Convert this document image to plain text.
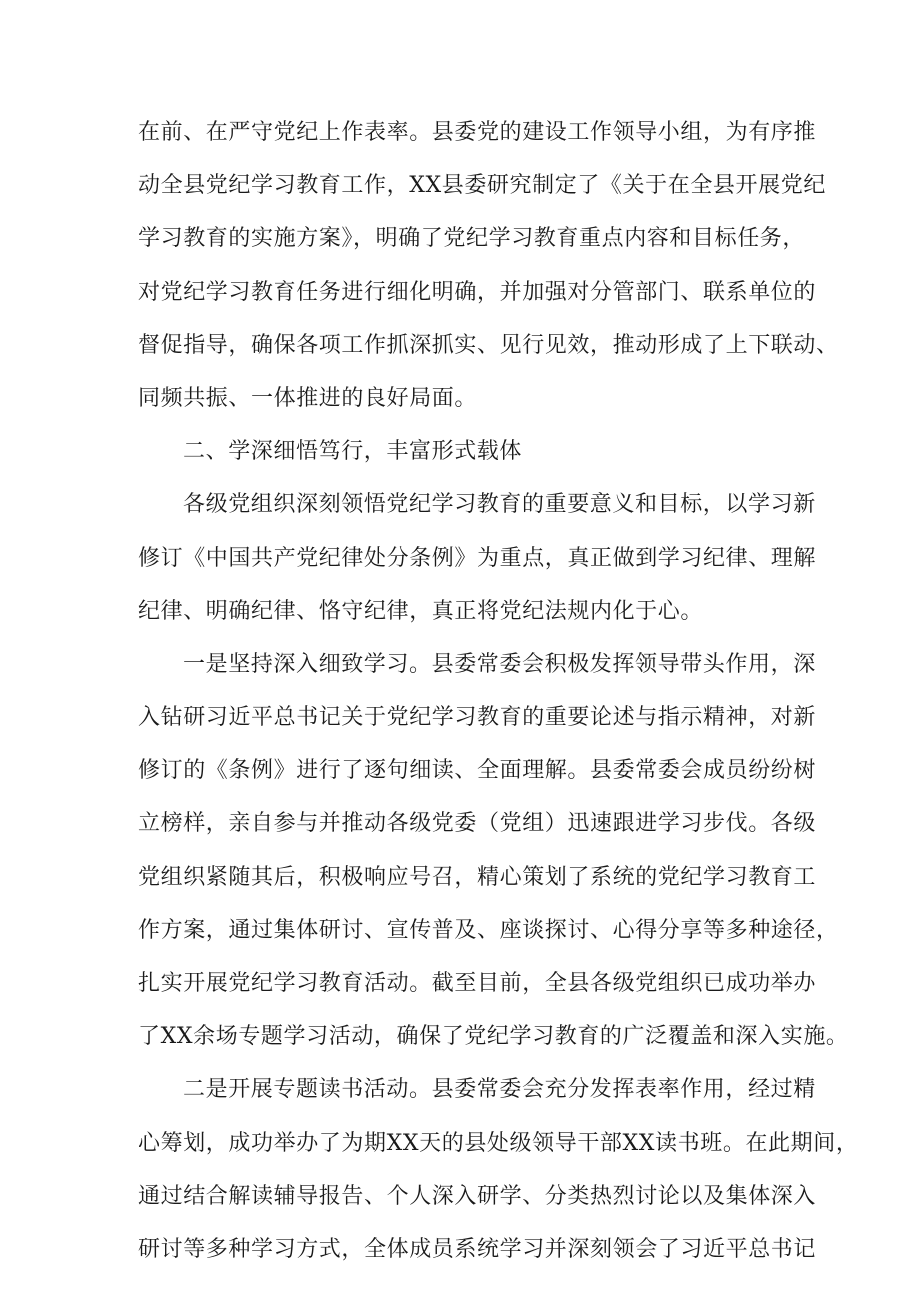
在前、在严守党纪上作表率。县委党的建设工作领导小组，为有序推
动全县党纪学习教育工作，XX县委研究制定了《关于在全县开展党纪
学习教育的实施方案》，明确了党纪学习教育重点内容和目标任务，
对党纪学习教育任务进行细化明确，并加强对分管部门、联系单位的
督促指导，确保各项工作抓深抓实、见行见效，推动形成了上下联动、
同频共振、一体推进的良好局面。
二、学深细悟笃行，丰富形式载体
各级党组织深刻领悟党纪学习教育的重要意义和目标，以学习新
修订《中国共产党纪律处分条例》为重点，真正做到学习纪律、理解
纪律、明确纪律、恪守纪律，真正将党纪法规内化于心。
一是坚持深入细致学习。县委常委会积极发挥领导带头作用，深
入钻研习近平总书记关于党纪学习教育的重要论述与指示精神，对新
修订的《条例》进行了逐句细读、全面理解。县委常委会成员纷纷树
立榜样，亲自参与并推动各级党委（党组）迅速跟进学习步伐。各级
党组织紧随其后，积极响应号召，精心策划了系统的党纪学习教育工
作方案，通过集体研讨、宣传普及、座谈探讨、心得分享等多种途径，
扎实开展党纪学习教育活动。截至目前，全县各级党组织已成功举办
了XX余场专题学习活动，确保了党纪学习教育的广泛覆盖和深入实施。
二是开展专题读书活动。县委常委会充分发挥表率作用，经过精
心筹划，成功举办了为期XX天的县处级领导干部XX读书班。在此期间，
通过结合解读辅导报告、个人深入研学、分类热烈讨论以及集体深入
研讨等多种学习方式，全体成员系统学习并深刻领会了习近平总书记
